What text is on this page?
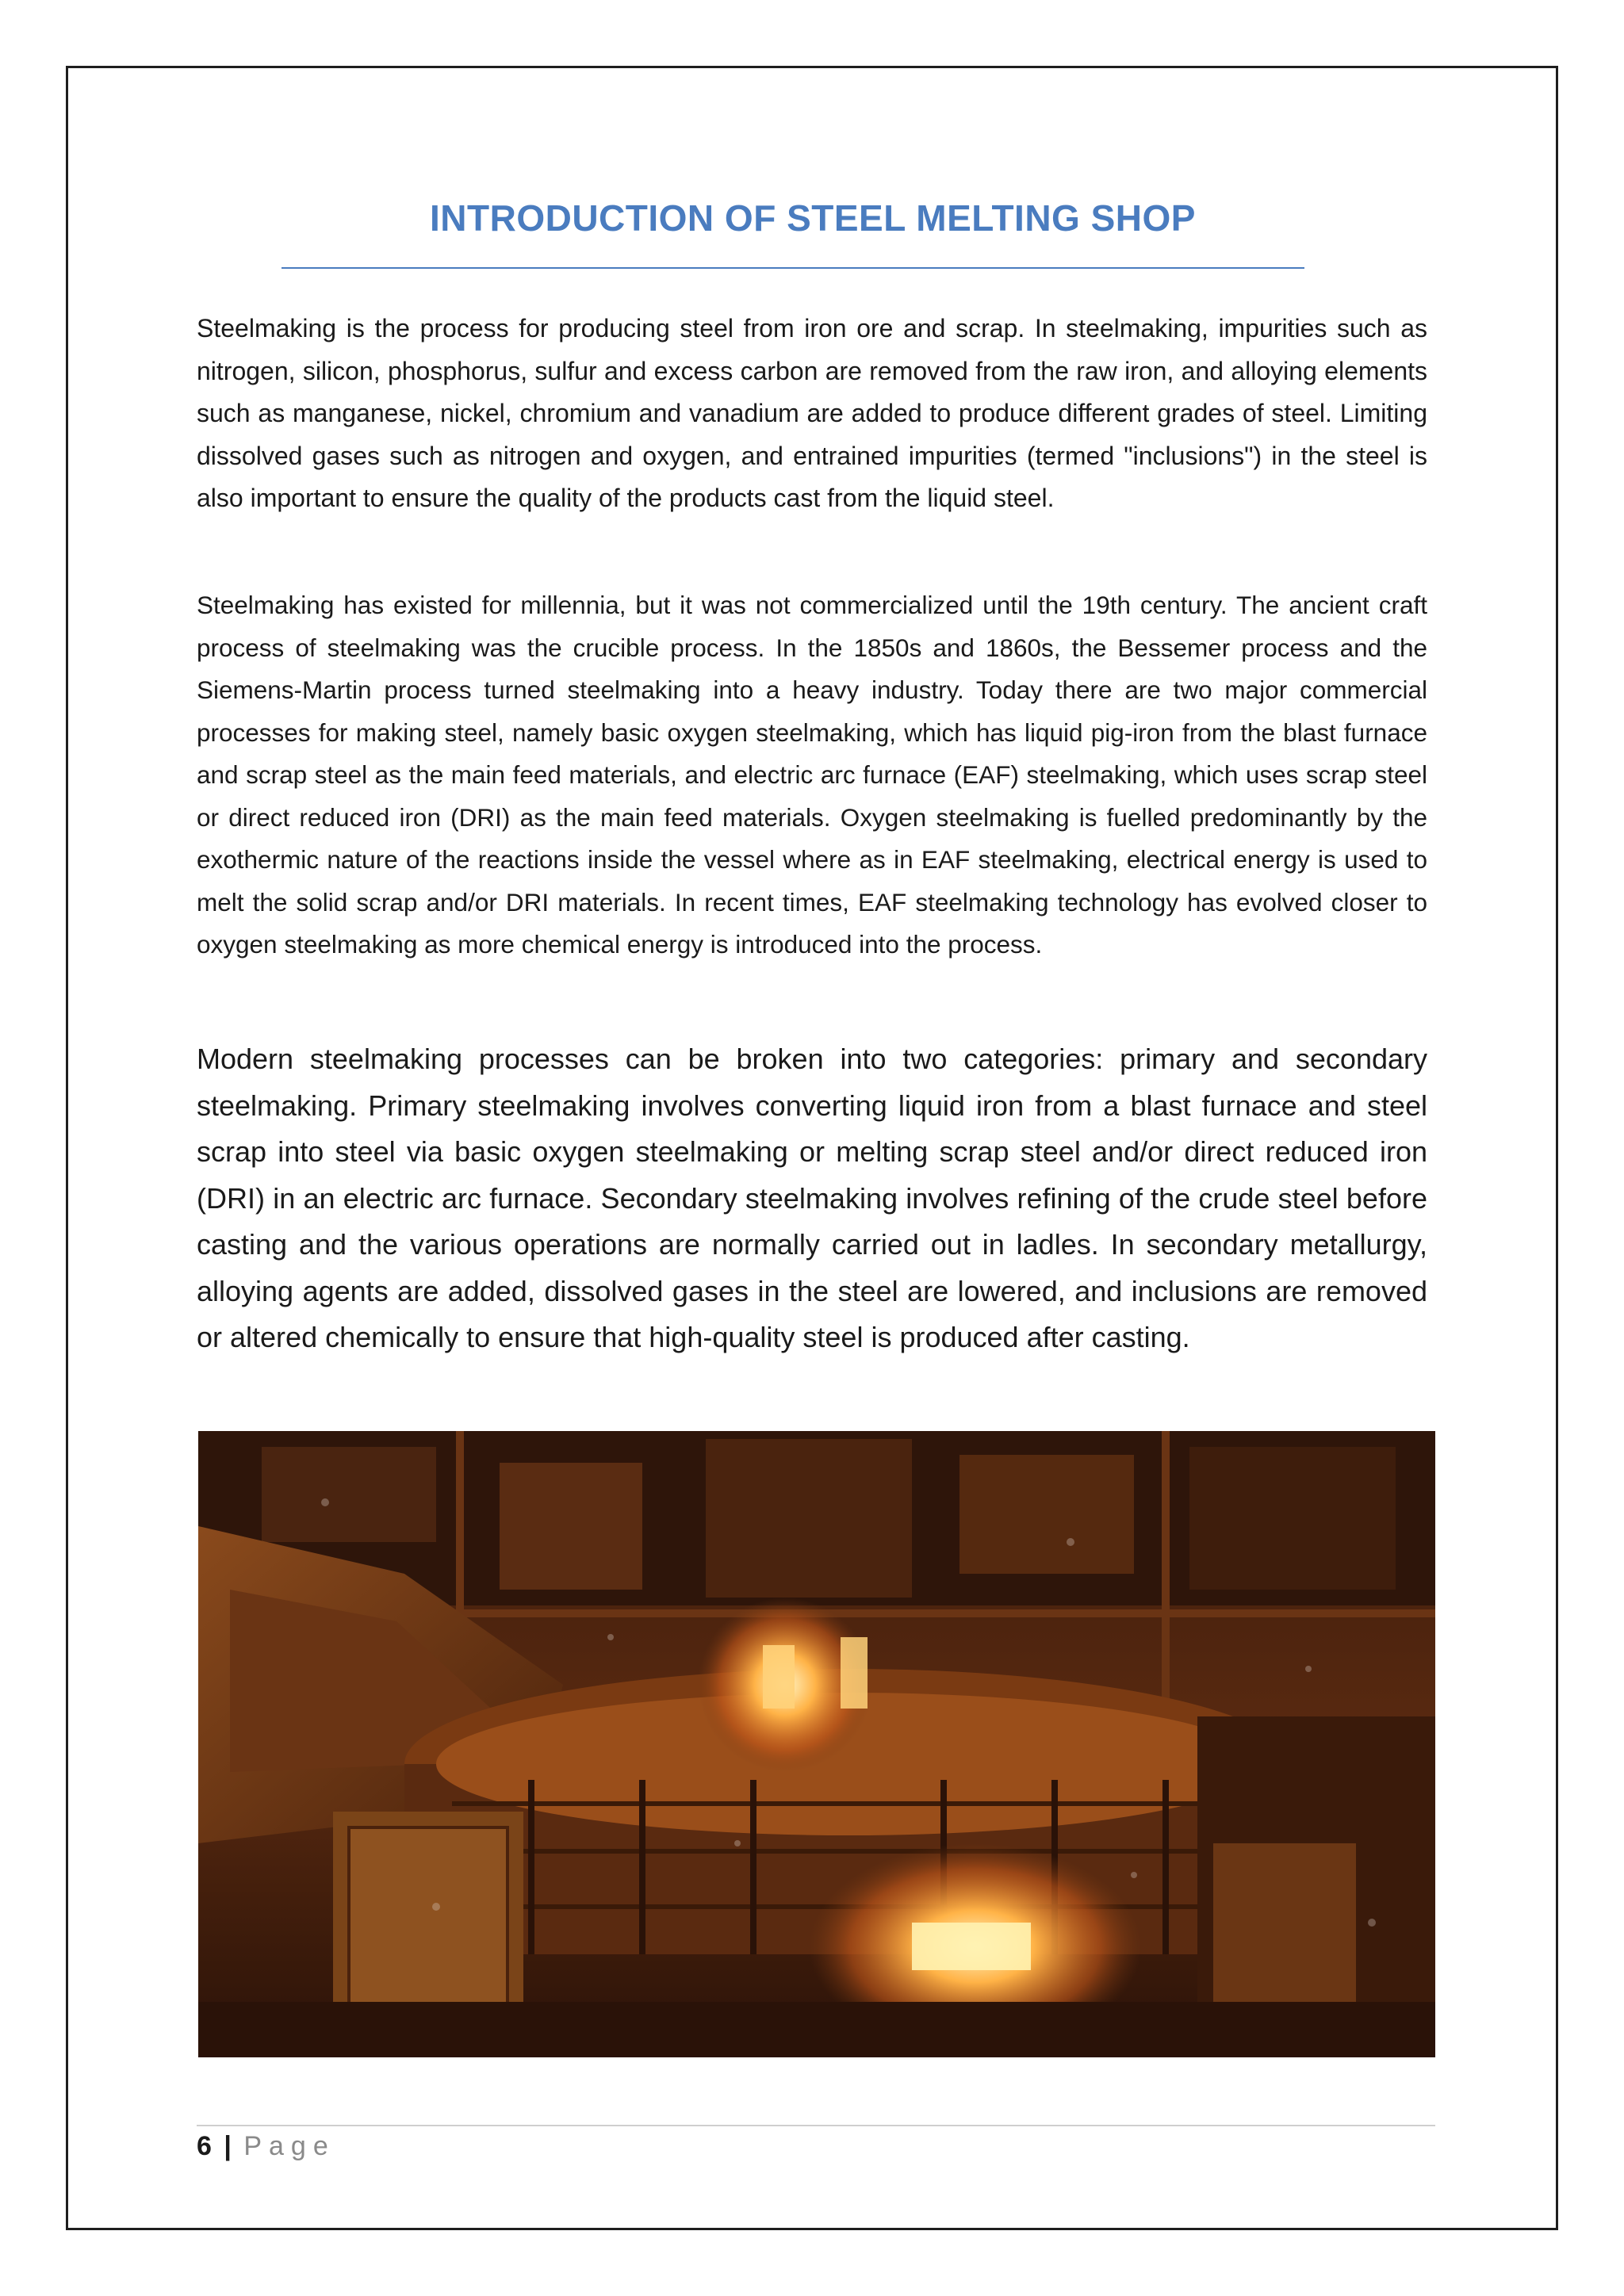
INTRODUCTION OF STEEL MELTING SHOP

Steelmaking is the process for producing steel from iron ore and scrap. In steelmaking, impurities such as nitrogen, silicon, phosphorus, sulfur and excess carbon are removed from the raw iron, and alloying elements such as manganese, nickel, chromium and vanadium are added to produce different grades of steel. Limiting dissolved gases such as nitrogen and oxygen, and entrained impurities (termed "inclusions") in the steel is also important to ensure the quality of the products cast from the liquid steel.

Steelmaking has existed for millennia, but it was not commercialized until the 19th century. The ancient craft process of steelmaking was the crucible process. In the 1850s and 1860s, the Bessemer process and the Siemens-Martin process turned steelmaking into a heavy industry. Today there are two major commercial processes for making steel, namely basic oxygen steelmaking, which has liquid pig-iron from the blast furnace and scrap steel as the main feed materials, and electric arc furnace (EAF) steelmaking, which uses scrap steel or direct reduced iron (DRI) as the main feed materials. Oxygen steelmaking is fuelled predominantly by the exothermic nature of the reactions inside the vessel where as in EAF steelmaking, electrical energy is used to melt the solid scrap and/or DRI materials. In recent times, EAF steelmaking technology has evolved closer to oxygen steelmaking as more chemical energy is introduced into the process.

Modern steelmaking processes can be broken into two categories: primary and secondary steelmaking. Primary steelmaking involves converting liquid iron from a blast furnace and steel scrap into steel via basic oxygen steelmaking or melting scrap steel and/or direct reduced iron (DRI) in an electric arc furnace. Secondary steelmaking involves refining of the crude steel before casting and the various operations are normally carried out in ladles. In secondary metallurgy, alloying agents are added, dissolved gases in the steel are lowered, and inclusions are removed or altered chemically to ensure that high-quality steel is produced after casting.

6 | Page
